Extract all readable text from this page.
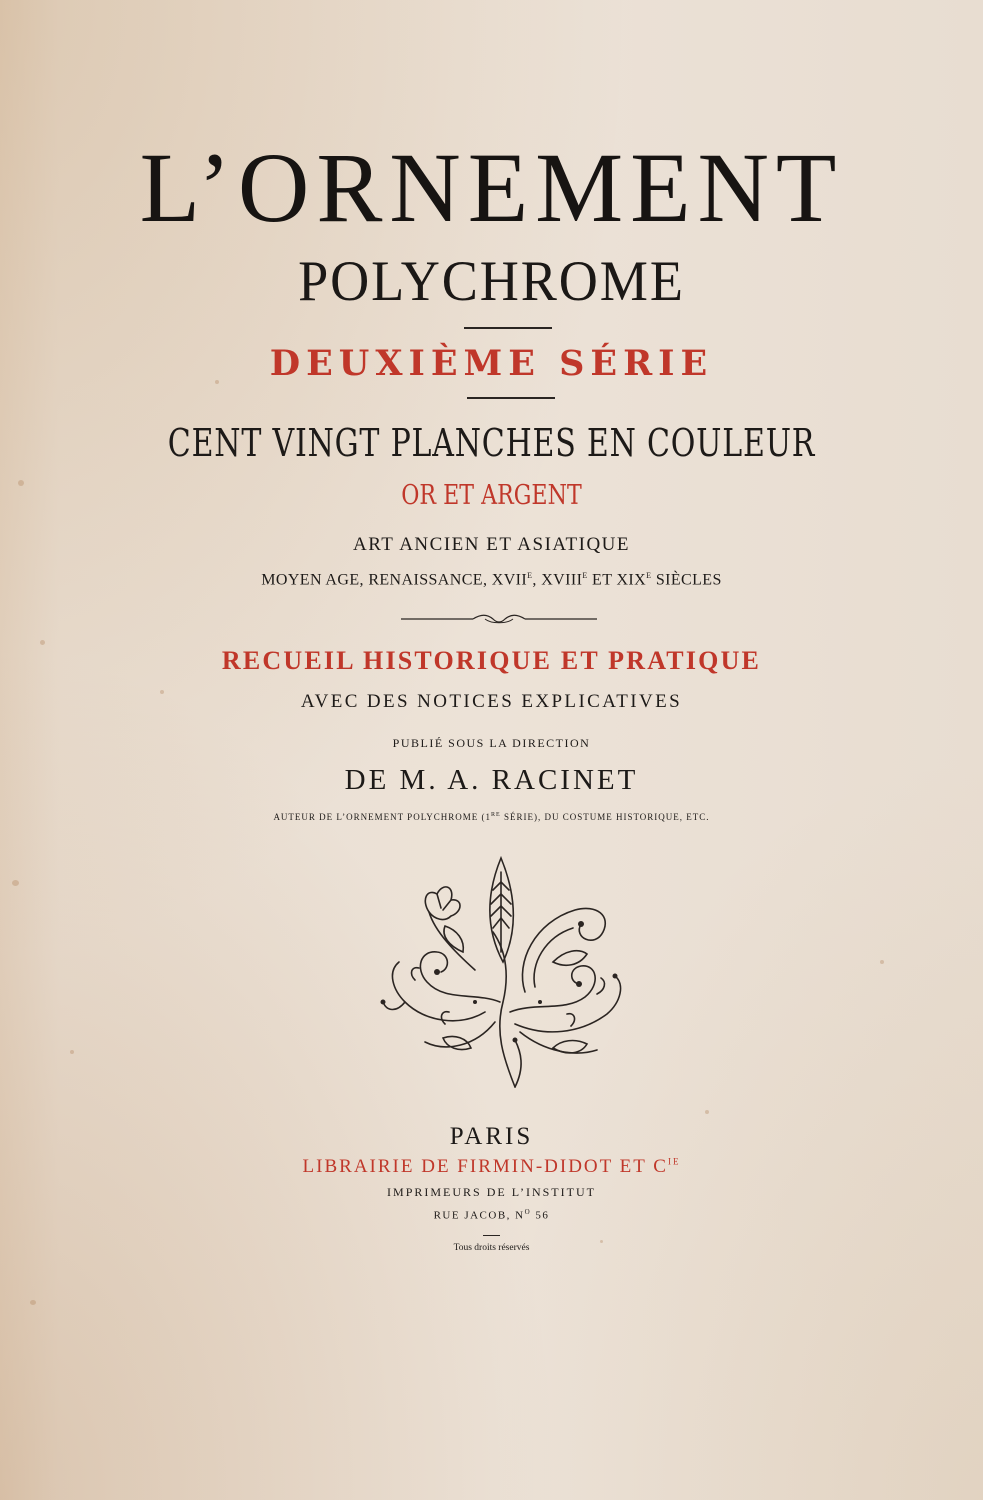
L’ORNEMENT
POLYCHROME
DEUXIÈME SÉRIE
CENT VINGT PLANCHES EN COULEUR
OR ET ARGENT
ART ANCIEN ET ASIATIQUE
MOYEN AGE, RENAISSANCE, $XVII^E$, $XVIII^E$ ET $XIX^E$ SIÈCLES
RECUEIL HISTORIQUE ET PRATIQUE
AVEC DES NOTICES EXPLICATIVES
PUBLIÉ SOUS LA DIRECTION
DE M. A. RACINET
AUTEUR DE L’ORNEMENT POLYCHROME (1RE SÉRIE), DU COSTUME HISTORIQUE, ETC.
PARIS
LIBRAIRIE DE FIRMIN-DIDOT ET $C^{IE}$
IMPRIMEURS DE L’INSTITUT
RUE JACOB, $N^O$ 56
Tous droits réservés
